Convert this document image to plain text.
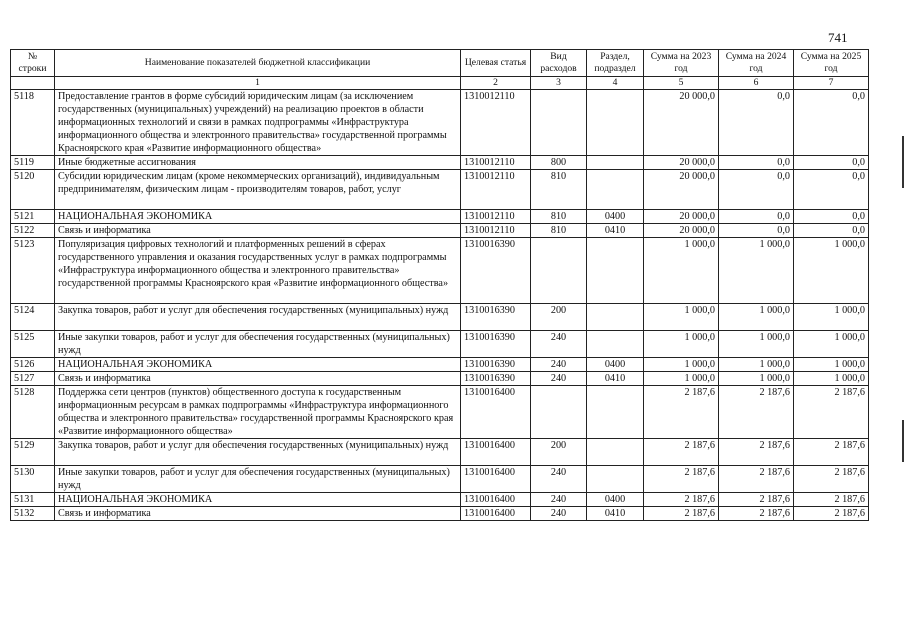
741
№ строки	Наименование показателей бюджетной классификации	Целевая статья	Вид расходов	Раздел, подраздел	Сумма на 2023 год	Сумма на 2024 год	Сумма на 2025 год
	1	2	3	4	5	6	7
5118	Предоставление грантов в форме субсидий юридическим лицам (за исключением государственных (муниципальных) учреждений) на реализацию проектов в области информационных технологий и связи в рамках подпрограммы «Инфраструктура информационного общества и электронного правительства» государственной программы Красноярского края «Развитие информационного общества»	1310012110			20 000,0	0,0	0,0
5119	Иные бюджетные ассигнования	1310012110	800		20 000,0	0,0	0,0
5120	Субсидии юридическим лицам (кроме некоммерческих организаций), индивидуальным предпринимателям, физическим лицам - производителям товаров, работ, услуг	1310012110	810		20 000,0	0,0	0,0
5121	НАЦИОНАЛЬНАЯ ЭКОНОМИКА	1310012110	810	0400	20 000,0	0,0	0,0
5122	Связь и информатика	1310012110	810	0410	20 000,0	0,0	0,0
5123	Популяризация цифровых технологий и платформенных решений в сферах государственного управления и оказания государственных услуг в рамках подпрограммы «Инфраструктура информационного общества и электронного правительства» государственной программы Красноярского края «Развитие информационного общества»	1310016390			1 000,0	1 000,0	1 000,0
5124	Закупка товаров, работ и услуг для обеспечения государственных (муниципальных) нужд	1310016390	200		1 000,0	1 000,0	1 000,0
5125	Иные закупки товаров, работ и услуг для обеспечения государственных (муниципальных) нужд	1310016390	240		1 000,0	1 000,0	1 000,0
5126	НАЦИОНАЛЬНАЯ ЭКОНОМИКА	1310016390	240	0400	1 000,0	1 000,0	1 000,0
5127	Связь и информатика	1310016390	240	0410	1 000,0	1 000,0	1 000,0
5128	Поддержка сети центров (пунктов) общественного доступа к государственным информационным ресурсам в рамках подпрограммы «Инфраструктура информационного общества и электронного правительства» государственной программы Красноярского края «Развитие информационного общества»	1310016400			2 187,6	2 187,6	2 187,6
5129	Закупка товаров, работ и услуг для обеспечения государственных (муниципальных) нужд	1310016400	200		2 187,6	2 187,6	2 187,6
5130	Иные закупки товаров, работ и услуг для обеспечения государственных (муниципальных) нужд	1310016400	240		2 187,6	2 187,6	2 187,6
5131	НАЦИОНАЛЬНАЯ ЭКОНОМИКА	1310016400	240	0400	2 187,6	2 187,6	2 187,6
5132	Связь и информатика	1310016400	240	0410	2 187,6	2 187,6	2 187,6
